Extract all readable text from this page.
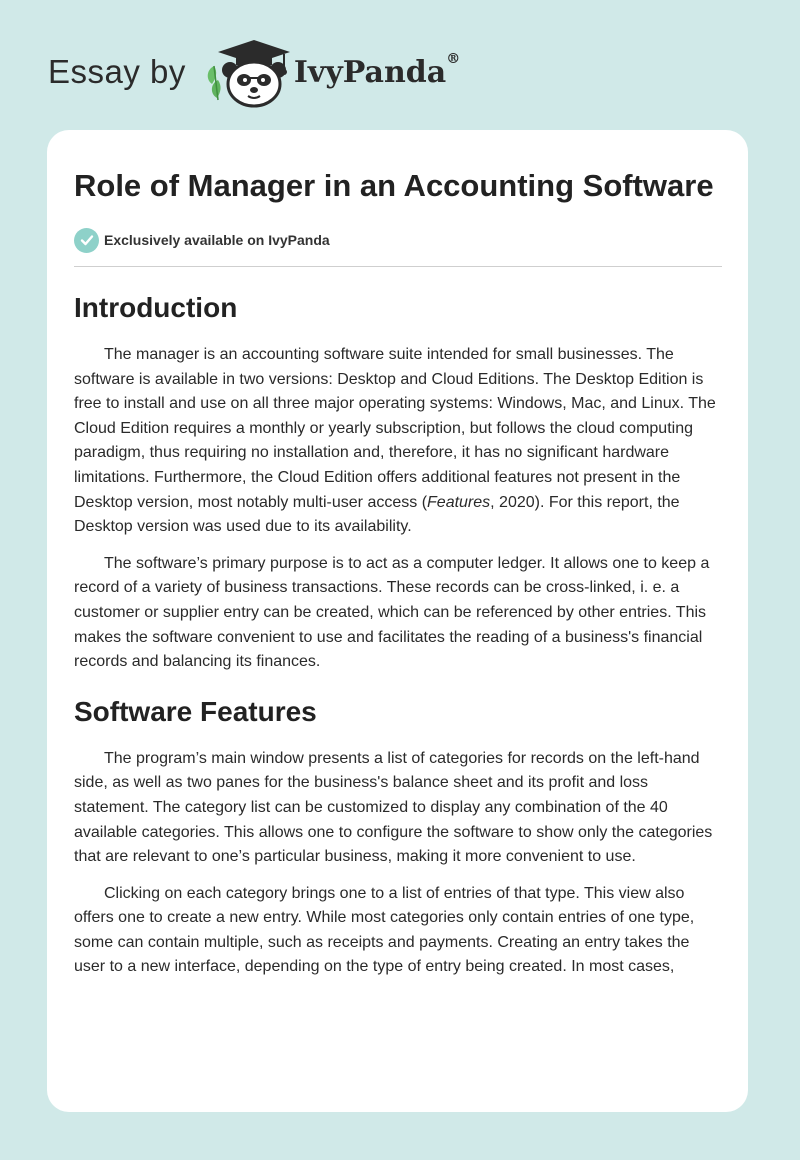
Essay by	IvyPanda®
Role of Manager in an Accounting Software
Exclusively available on IvyPanda
Introduction

The manager is an accounting software suite intended for small businesses. The software is available in two versions: Desktop and Cloud Editions. The Desktop Edition is free to install and use on all three major operating systems: Windows, Mac, and Linux. The Cloud Edition requires a monthly or yearly subscription, but follows the cloud computing paradigm, thus requiring no installation and, therefore, it has no significant hardware limitations. Furthermore, the Cloud Edition offers additional features not present in the Desktop version, most notably multi-user access (Features, 2020). For this report, the Desktop version was used due to its availability.

The software’s primary purpose is to act as a computer ledger. It allows one to keep a record of a variety of business transactions. These records can be cross-linked, i. e. a customer or supplier entry can be created, which can be referenced by other entries. This makes the software convenient to use and facilitates the reading of a business's financial records and balancing its finances.

Software Features

The program’s main window presents a list of categories for records on the left-hand side, as well as two panes for the business's balance sheet and its profit and loss statement. The category list can be customized to display any combination of the 40 available categories. This allows one to configure the software to show only the categories that are relevant to one’s particular business, making it more convenient to use.

Clicking on each category brings one to a list of entries of that type. This view also offers one to create a new entry. While most categories only contain entries of one type, some can contain multiple, such as receipts and payments. Creating an entry takes the user to a new interface, depending on the type of entry being created. In most cases,
